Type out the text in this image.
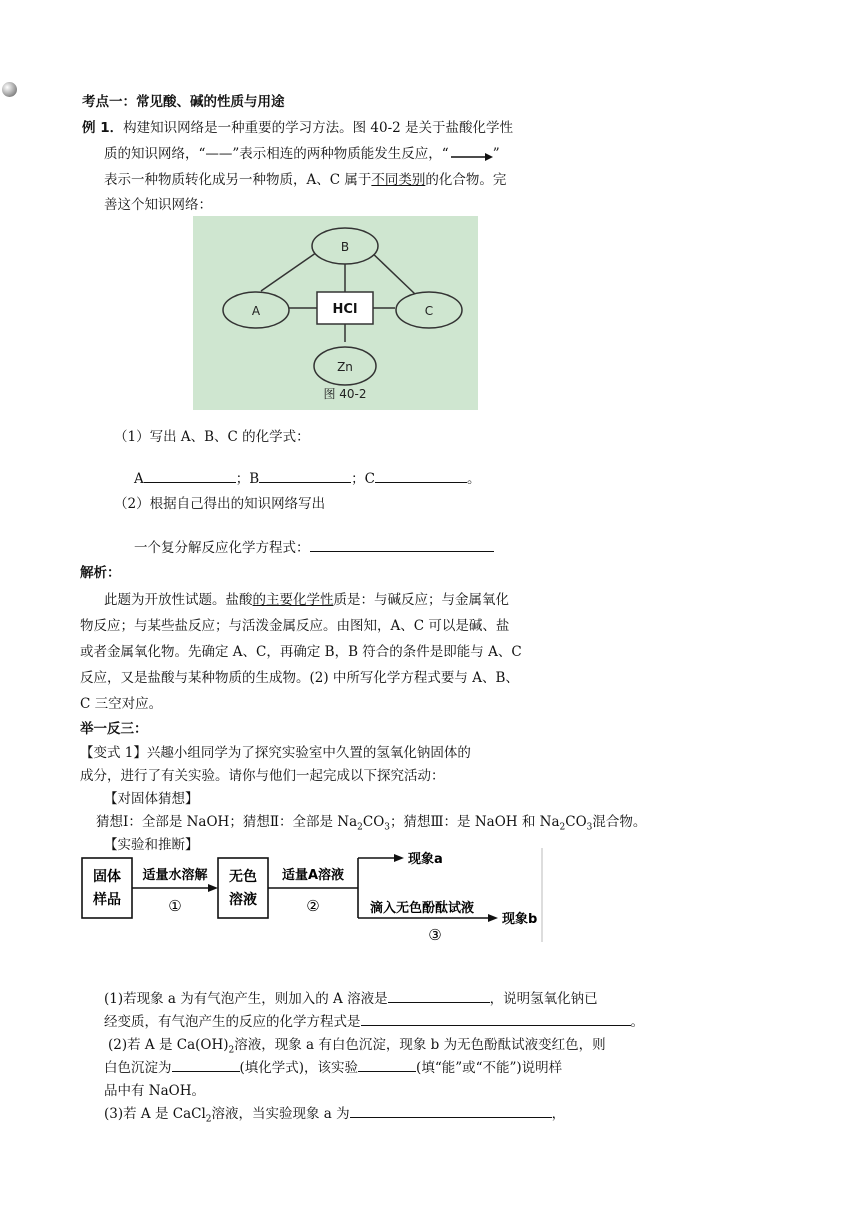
考点一：常见酸、碱的性质与用途
例 1．构建知识网络是一种重要的学习方法。图 40-2 是关于盐酸化学性
质的知识网络，“——”表示相连的两种物质能发生反应，“	”
表示一种物质转化成另一种物质，A、C 属于不同类别的化合物。完
善这个知识网络：
B
A	C
HCl
Zn
图 40-2
（1）写出 A、B、C 的化学式：
A	；B	；C	。
（2）根据自己得出的知识网络写出
一个复分解反应化学方程式：
解析：
此题为开放性试题。盐酸的主要化学性质是：与碱反应；与金属氧化
物反应；与某些盐反应；与活泼金属反应。由图知，A、C 可以是碱、盐
或者金属氧化物。先确定 A、C，再确定 B，B 符合的条件是即能与 A、C
反应，又是盐酸与某种物质的生成物。(2) 中所写化学方程式要与 A、B、
C 三空对应。
举一反三：
【变式 1】兴趣小组同学为了探究实验室中久置的氢氧化钠固体的
成分，进行了有关实验。请你与他们一起完成以下探究活动：
【对固体猜想】
猜想Ⅰ：全部是 NaOH；猜想Ⅱ：全部是 $Na_2CO_3$；猜想Ⅲ：是 NaOH 和 $Na_2CO_3$混合物。
【实验和推断】
固体
样品
适量水溶解
①
无色
溶液
适量A溶液
②
现象a
滴入无色酚酞试液
③
现象b
(1)若现象 a 为有气泡产生，则加入的 A 溶液是	，说明氢氧化钠已
经变质，有气泡产生的反应的化学方程式是	。
(2)若 A 是 $Ca(OH)_2$溶液，现象 a 有白色沉淀，现象 b 为无色酚酞试液变红色，则
白色沉淀为	(填化学式)，该实验	(填“能”或“不能”)说明样
品中有 NaOH。
(3)若 A 是 CaCl$_2$溶液，当实验现象 a 为	，
